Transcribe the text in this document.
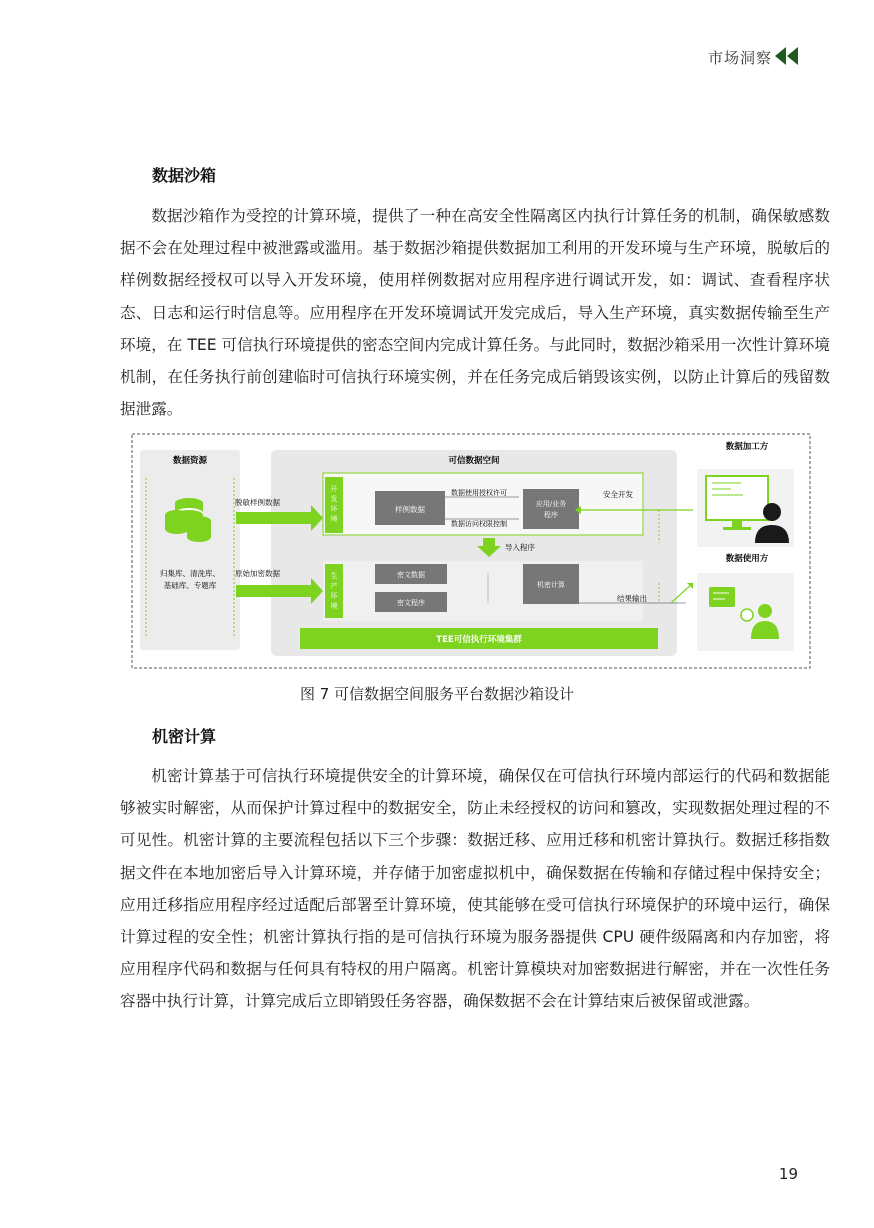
市场洞察
数据沙箱

数据沙箱作为受控的计算环境，提供了一种在高安全性隔离区内执行计算任务的机制，确保敏感数据不会在处理过程中被泄露或滥用。基于数据沙箱提供数据加工利用的开发环境与生产环境，脱敏后的样例数据经授权可以导入开发环境，使用样例数据对应用程序进行调试开发，如：调试、查看程序状态、日志和运行时信息等。应用程序在开发环境调试开发完成后，导入生产环境，真实数据传输至生产环境，在 TEE 可信执行环境提供的密态空间内完成计算任务。与此同时，数据沙箱采用一次性计算环境机制，在任务执行前创建临时可信执行环境实例，并在任务完成后销毁该实例，以防止计算后的残留数据泄露。

数据资源
归集库、清洗库、
基础库、专题库
可信数据空间
开
发
环
境
样例数据
数据使用授权许可
数据访问权限控制
应用/业务
程序
安全开发
导入程序
生
产
环
境
密文数据
密文程序
机密计算
结果输出
TEE可信执行环境集群
脱敏样例数据
原始加密数据
数据加工方
数据使用方
图 7 可信数据空间服务平台数据沙箱设计
机密计算

机密计算基于可信执行环境提供安全的计算环境，确保仅在可信执行环境内部运行的代码和数据能够被实时解密，从而保护计算过程中的数据安全，防止未经授权的访问和篡改，实现数据处理过程的不可见性。机密计算的主要流程包括以下三个步骤：数据迁移、应用迁移和机密计算执行。数据迁移指数据文件在本地加密后导入计算环境，并存储于加密虚拟机中，确保数据在传输和存储过程中保持安全；应用迁移指应用程序经过适配后部署至计算环境，使其能够在受可信执行环境保护的环境中运行，确保计算过程的安全性；机密计算执行指的是可信执行环境为服务器提供 CPU 硬件级隔离和内存加密，将应用程序代码和数据与任何具有特权的用户隔离。机密计算模块对加密数据进行解密，并在一次性任务容器中执行计算，计算完成后立即销毁任务容器，确保数据不会在计算结束后被保留或泄露。

19
